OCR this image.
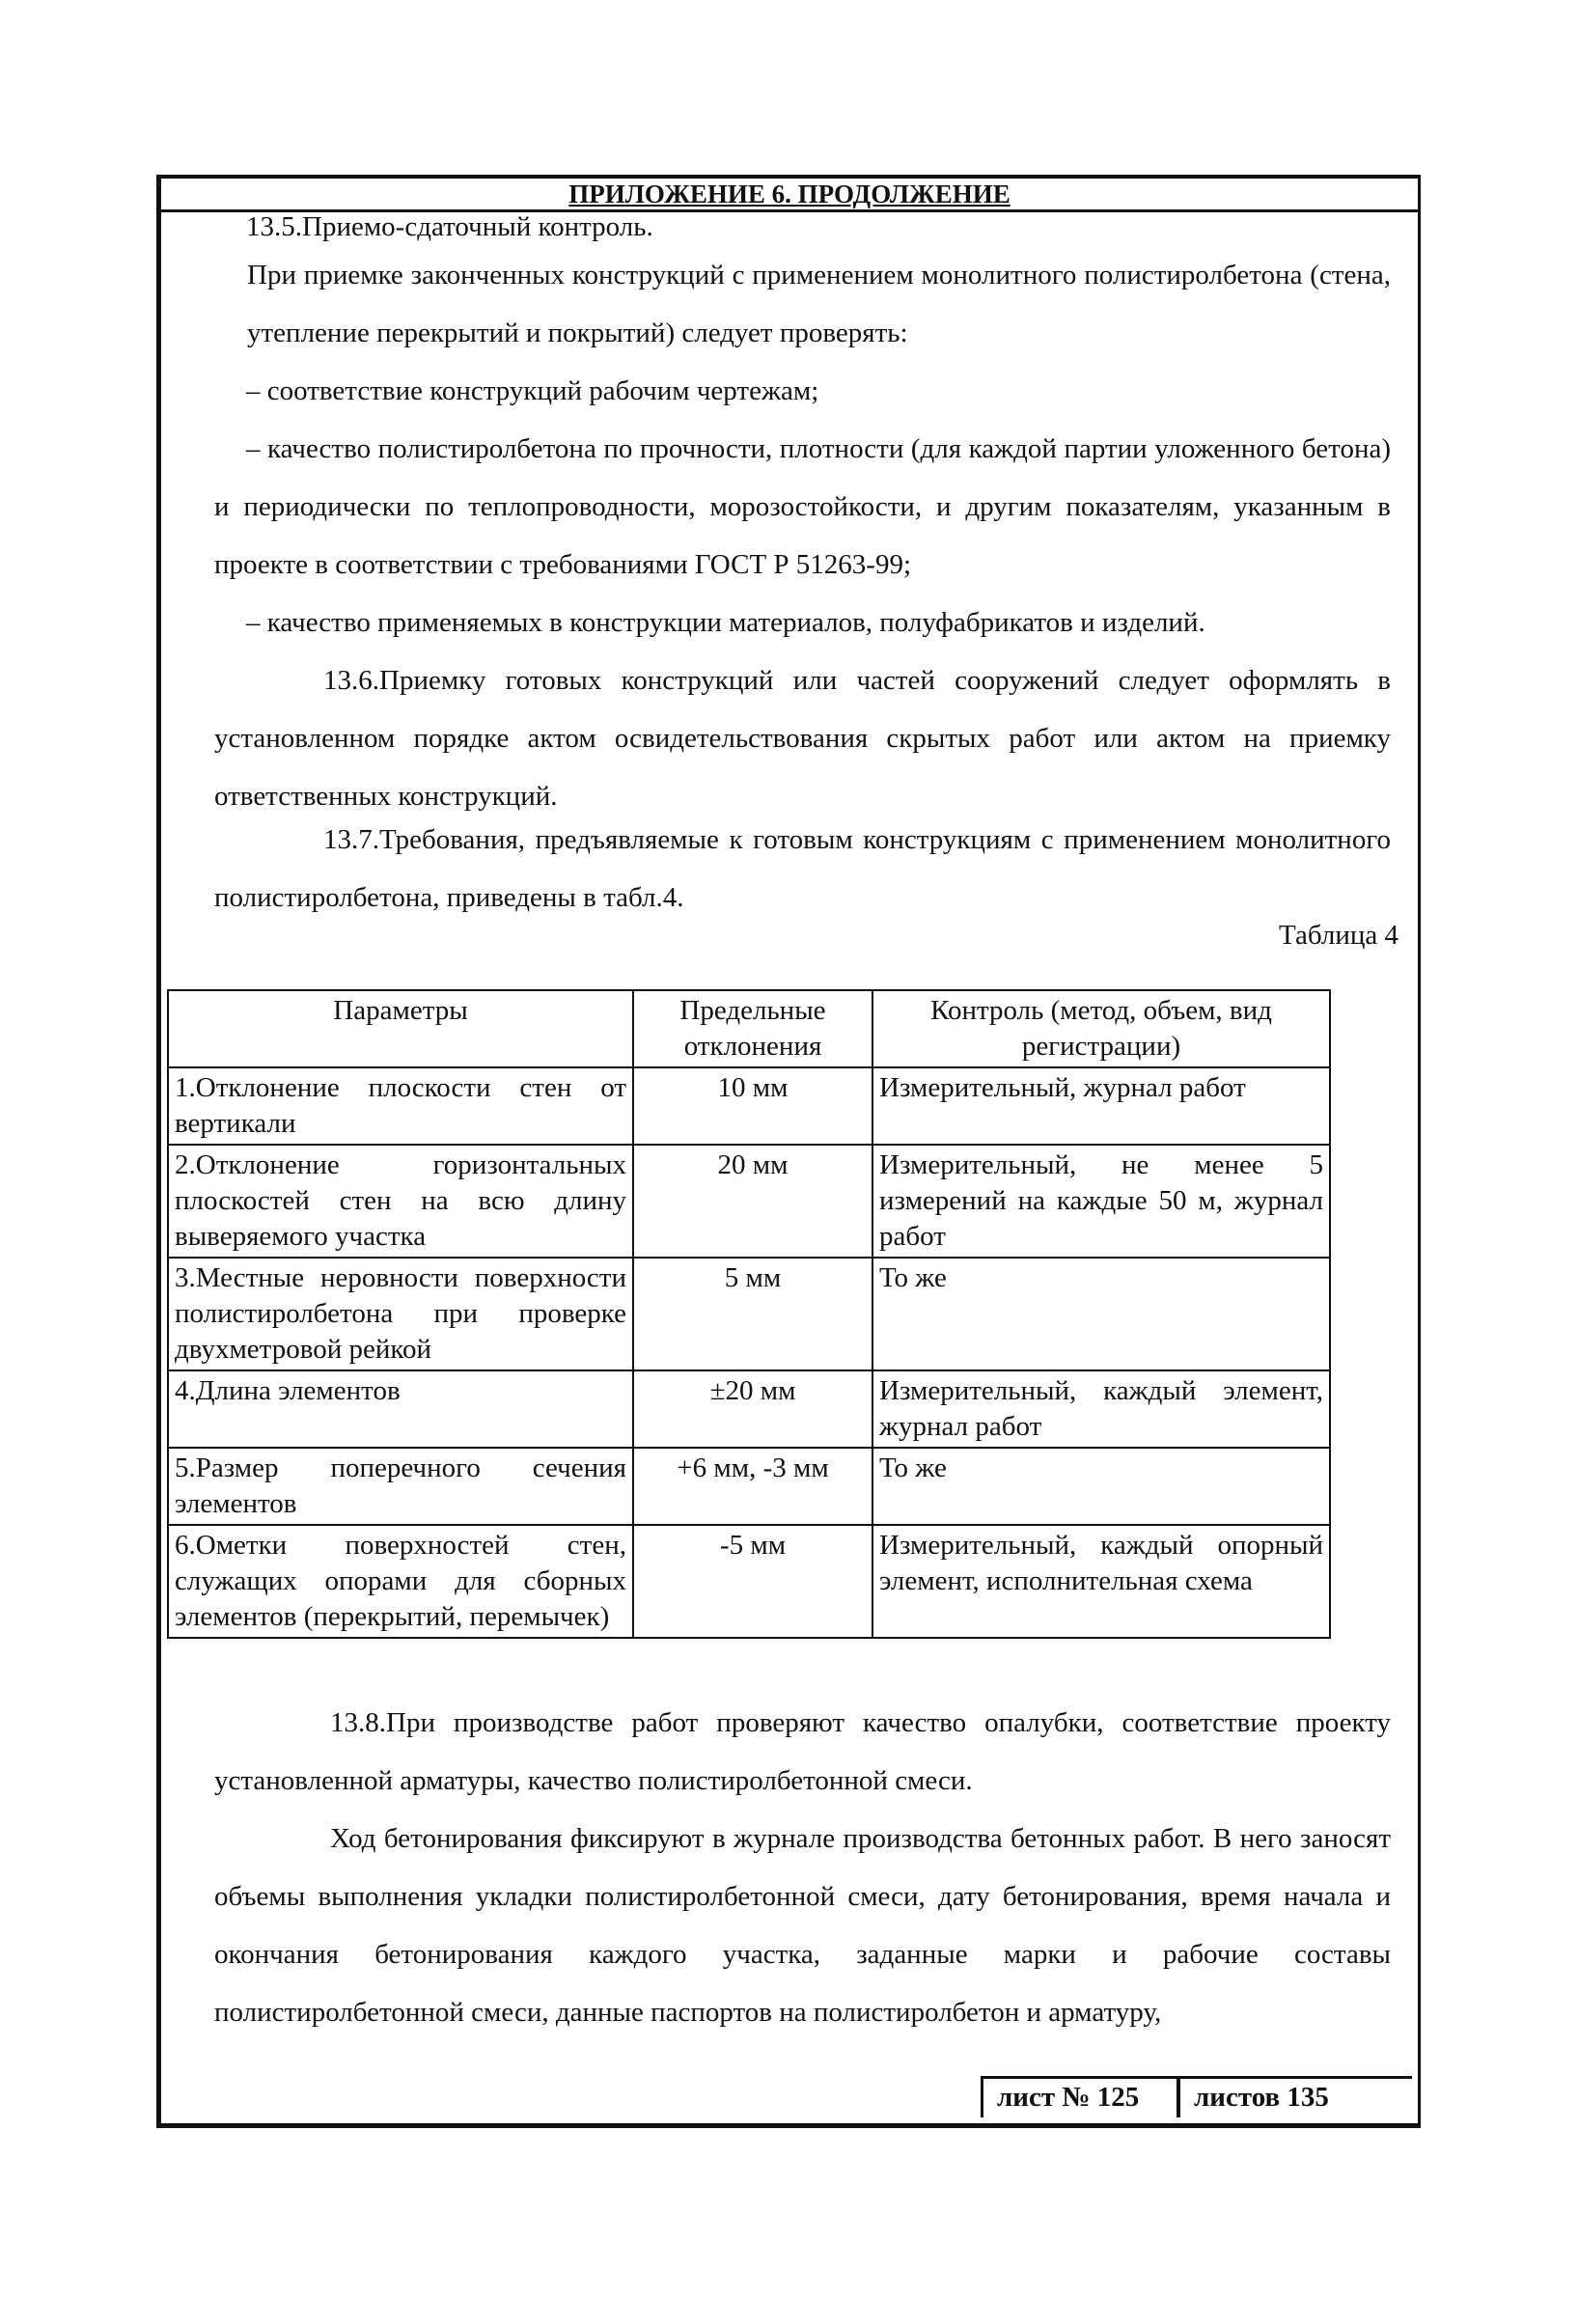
ПРИЛОЖЕНИЕ 6. ПРОДОЛЖЕНИЕ

13.5.Приемо-сдаточный контроль.

При приемке законченных конструкций с применением монолитного полистиролбетона (стена, утепление перекрытий и покрытий) следует проверять:

– соответствие конструкций рабочим чертежам;

– качество полистиролбетона по прочности, плотности (для каждой партии уложенного бетона) и периодически по теплопроводности, морозостойкости, и другим показателям, указанным в проекте в соответствии с требованиями ГОСТ Р 51263-99;

– качество применяемых в конструкции материалов, полуфабрикатов и изделий.

13.6.Приемку готовых конструкций или частей сооружений следует оформлять в установленном порядке актом освидетельствования скрытых работ или актом на приемку ответственных конструкций.

13.7.Требования, предъявляемые к готовым конструкциям с применением монолитного полистиролбетона, приведены в табл.4.

Таблица 4
Параметры	Предельные отклонения	Контроль (метод, объем, вид регистрации)
1.Отклонение плоскости стен от вертикали	10 мм	Измерительный, журнал работ
2.Отклонение горизонтальных плоскостей стен на всю длину выверяемого участка	20 мм	Измерительный, не менее 5 измерений на каждые 50 м, журнал работ
3.Местные неровности поверхности полистиролбетона при проверке двухметровой рейкой	5 мм	То же
4.Длина элементов	±20 мм	Измерительный, каждый элемент, журнал работ
5.Размер поперечного сечения элементов	+6 мм, -3 мм	То же
6.Ометки поверхностей стен, служащих опорами для сборных элементов (перекрытий, перемычек)	-5 мм	Измерительный, каждый опорный элемент, исполнительная схема

13.8.При производстве работ проверяют качество опалубки, соответствие проекту установленной арматуры, качество полистиролбетонной смеси.

Ход бетонирования фиксируют в журнале производства бетонных работ. В него заносят объемы выполнения укладки полистиролбетонной смеси, дату бетонирования, время начала и окончания бетонирования каждого участка, заданные марки и рабочие составы полистиролбетонной смеси, данные паспортов на полистиролбетон и арматуру,

лист № 125	листов 135
